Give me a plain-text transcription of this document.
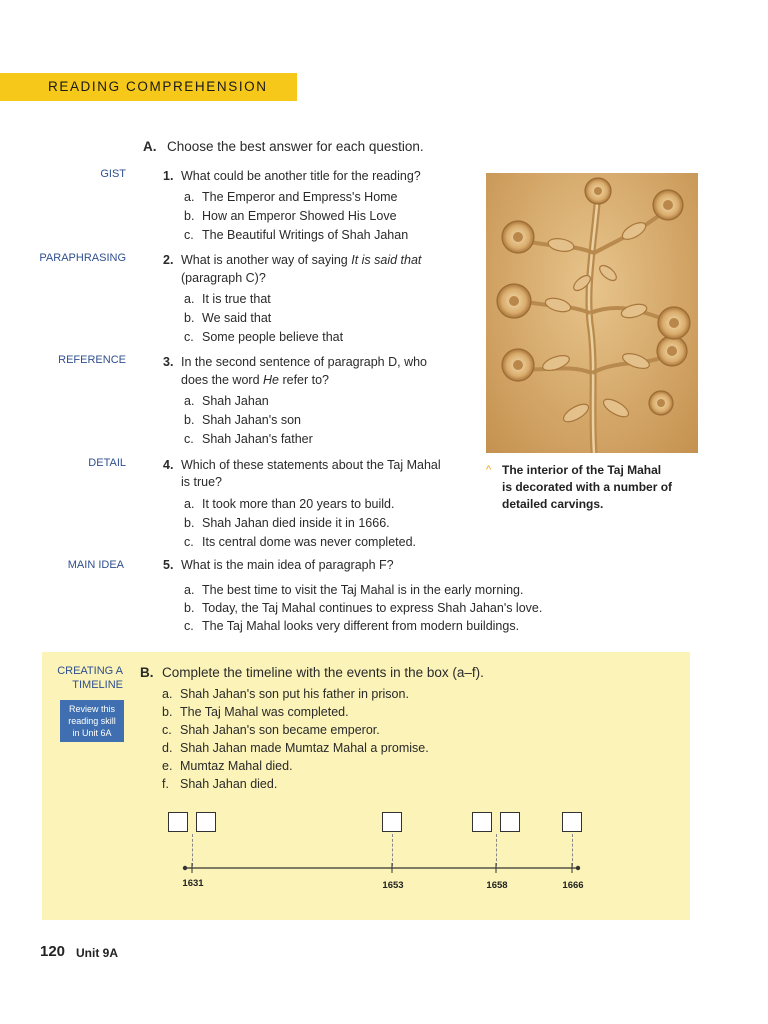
READING COMPREHENSION
A. Choose the best answer for each question.
GIST	1. What could be another title for the reading?
a. The Emperor and Empress's Home
b. How an Emperor Showed His Love
c. The Beautiful Writings of Shah Jahan
PARAPHRASING	2. What is another way of saying It is said that
(paragraph C)?
a. It is true that
b. We said that
c. Some people believe that
REFERENCE	3. In the second sentence of paragraph D, who
does the word He refer to?
a. Shah Jahan
b. Shah Jahan's son
c. Shah Jahan's father
DETAIL	4. Which of these statements about the Taj Mahal
is true?
a. It took more than 20 years to build.
b. Shah Jahan died inside it in 1666.
c. Its central dome was never completed.
MAIN IDEA	5. What is the main idea of paragraph F?
a. The best time to visit the Taj Mahal is in the early morning.
b. Today, the Taj Mahal continues to express Shah Jahan's love.
c. The Taj Mahal looks very different from modern buildings.
^ The interior of the Taj Mahal
is decorated with a number of
detailed carvings.
CREATING A
TIMELINE
Review this
reading skill
in Unit 6A
B. Complete the timeline with the events in the box (a–f).
a. Shah Jahan's son put his father in prison.
b. The Taj Mahal was completed.
c. Shah Jahan's son became emperor.
d. Shah Jahan made Mumtaz Mahal a promise.
e. Mumtaz Mahal died.
f. Shah Jahan died.
1631	1653	1658	1666
120 Unit 9A
